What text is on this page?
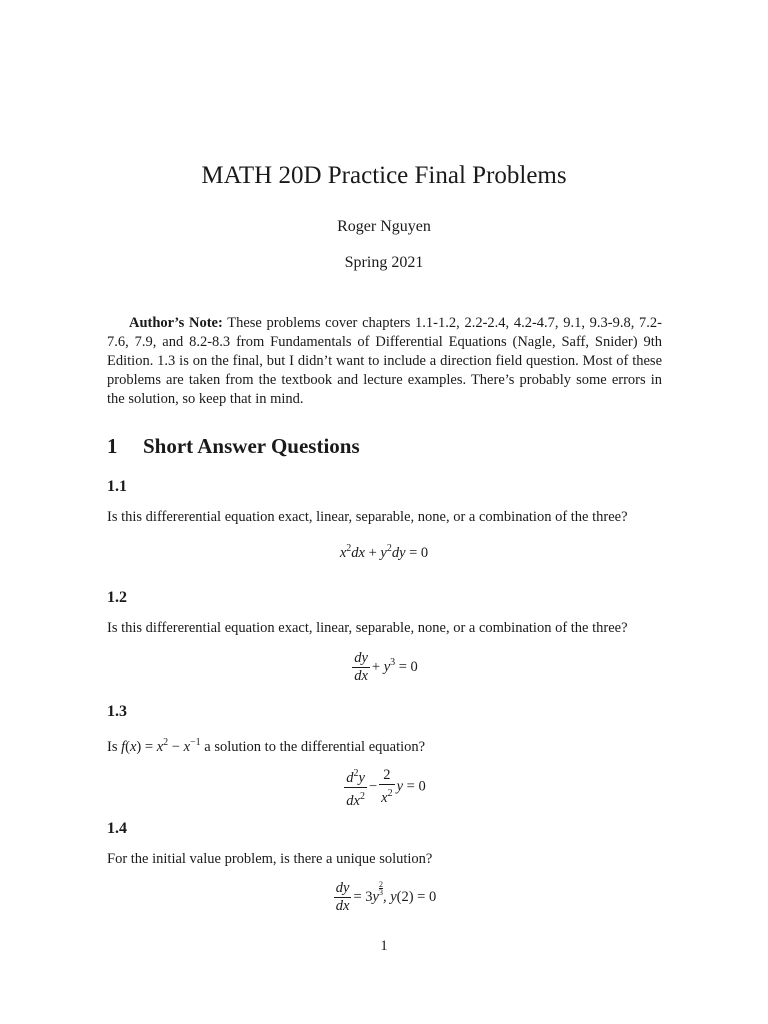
MATH 20D Practice Final Problems
Roger Nguyen
Spring 2021
Author’s Note: These problems cover chapters 1.1-1.2, 2.2-2.4, 4.2-4.7, 9.1, 9.3-9.8, 7.2-7.6, 7.9, and 8.2-8.3 from Fundamentals of Differential Equations (Nagle, Saff, Snider) 9th Edition. 1.3 is on the final, but I didn’t want to include a direction field question. Most of these problems are taken from the textbook and lecture examples. There’s probably some errors in the solution, so keep that in mind.
1 Short Answer Questions
1.1
Is this differerential equation exact, linear, separable, none, or a combination of the three?
$x^2dx + y^2dy = 0$
1.2
Is this differerential equation exact, linear, separable, none, or a combination of the three?
$\frac{dy}{dx} + y^3 = 0$
1.3
Is $f(x) = x^2 - x^{-1}$ a solution to the differential equation?
$\frac{d^2y}{dx^2} - \frac{2}{x^2}$ y = 0
1.4
For the initial value problem, is there a unique solution?
$\frac{dy}{dx} = 3y$
$\frac{2}{3}$
, y(2) = 0
1
